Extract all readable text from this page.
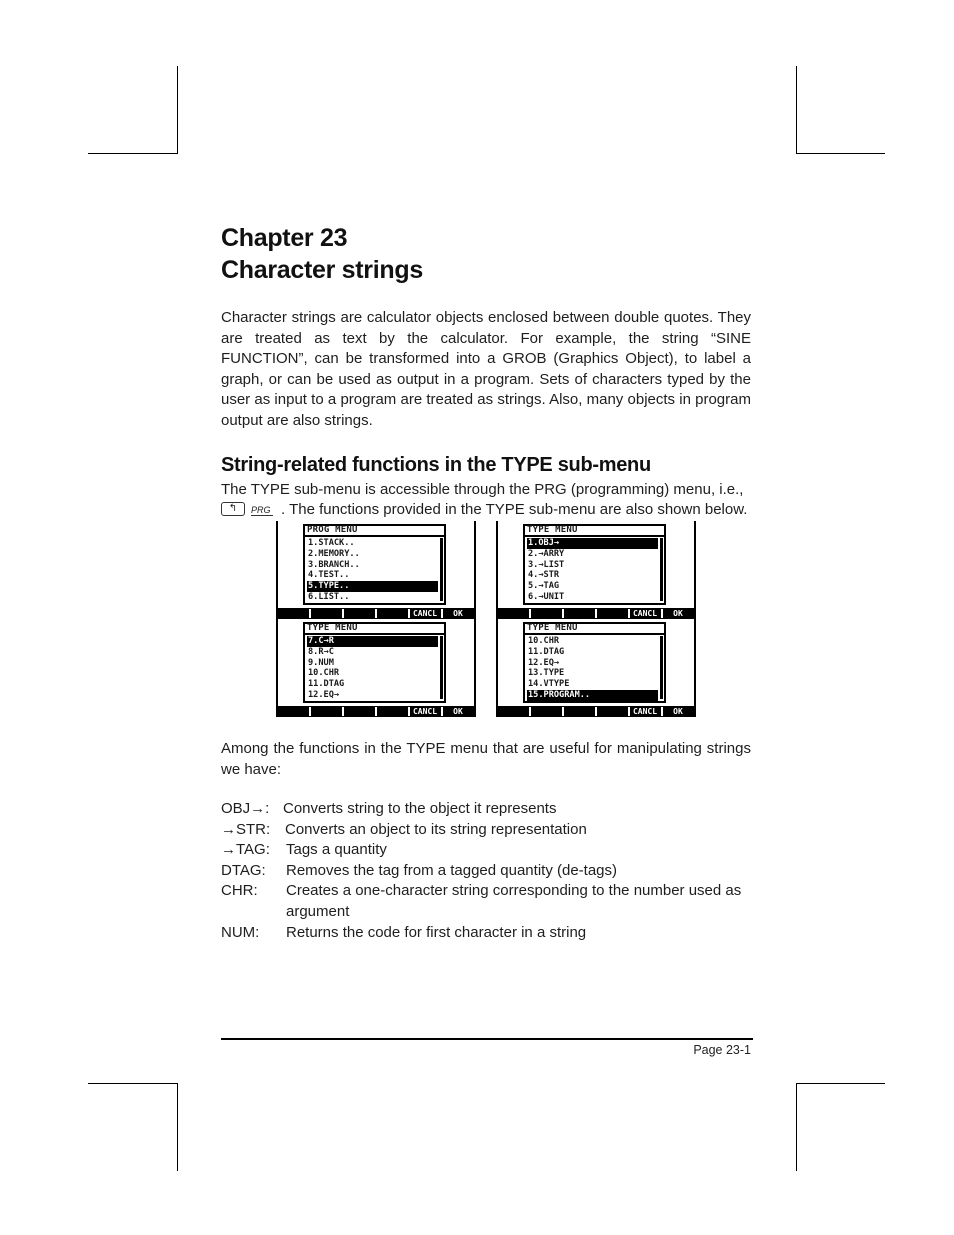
Chapter 23
Character strings

Character strings are calculator objects enclosed between double quotes. They are treated as text by the calculator. For example, the string “SINE FUNCTION”, can be transformed into a GROB (Graphics Object), to label a graph, or can be used as output in a program. Sets of characters typed by the user as input to a program are treated as strings. Also, many objects in program output are also strings.

String-related functions in the TYPE sub-menu
The TYPE sub-menu is accessible through the PRG (programming) menu, i.e.,
↰ PRG . The functions provided in the TYPE sub-menu are also shown below.
PROG MENU
1.STACK..
2.MEMORY..
3.BRANCH..
4.TEST..
5.TYPE..
6.LIST..
CANCL	OK
TYPE MENU
1.OBJ→
2.→ARRY
3.→LIST
4.→STR
5.→TAG
6.→UNIT
CANCL	OK
TYPE MENU
7.C→R
8.R→C
9.NUM
10.CHR
11.DTAG
12.EQ→
CANCL	OK
TYPE MENU
10.CHR
11.DTAG
12.EQ→
13.TYPE
14.VTYPE
15.PROGRAM..
CANCL	OK

Among the functions in the TYPE menu that are useful for manipulating strings we have:

OBJ→: Converts string to the object it represents
→STR: Converts an object to its string representation
→TAG: Tags a quantity
DTAG: Removes the tag from a tagged quantity (de-tags)
CHR: Creates a one-character string corresponding to the number used as argument
NUM: Returns the code for first character in a string
Page 23-1
